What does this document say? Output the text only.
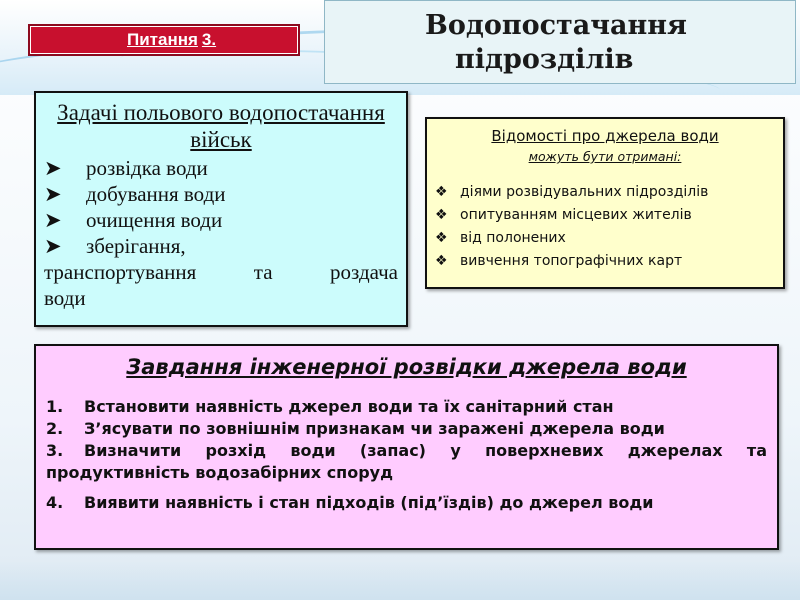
Питання 3.	Водопостачання
підрозділів
Задачі польового водопостачання військ
➤	розвідка води
➤	добування води
➤	очищення води
➤	зберігання,
транспортування та роздача
води
Відомості про джерела води
можуть бути отримані:
❖ діями розвідувальних підрозділів
❖ опитуванням місцевих жителів
❖ від полонених
❖ вивчення топографічних карт
Завдання інженерної розвідки джерела води
1. Встановити наявність джерел води та їх санітарний стан
2. З’ясувати по зовнішнім признакам чи заражені джерела води
3. Визначити розхід води (запас) у поверхневих джерелах та продуктивність водозабірних споруд
4. Виявити наявність і стан підходів (під’їздів) до джерел води
